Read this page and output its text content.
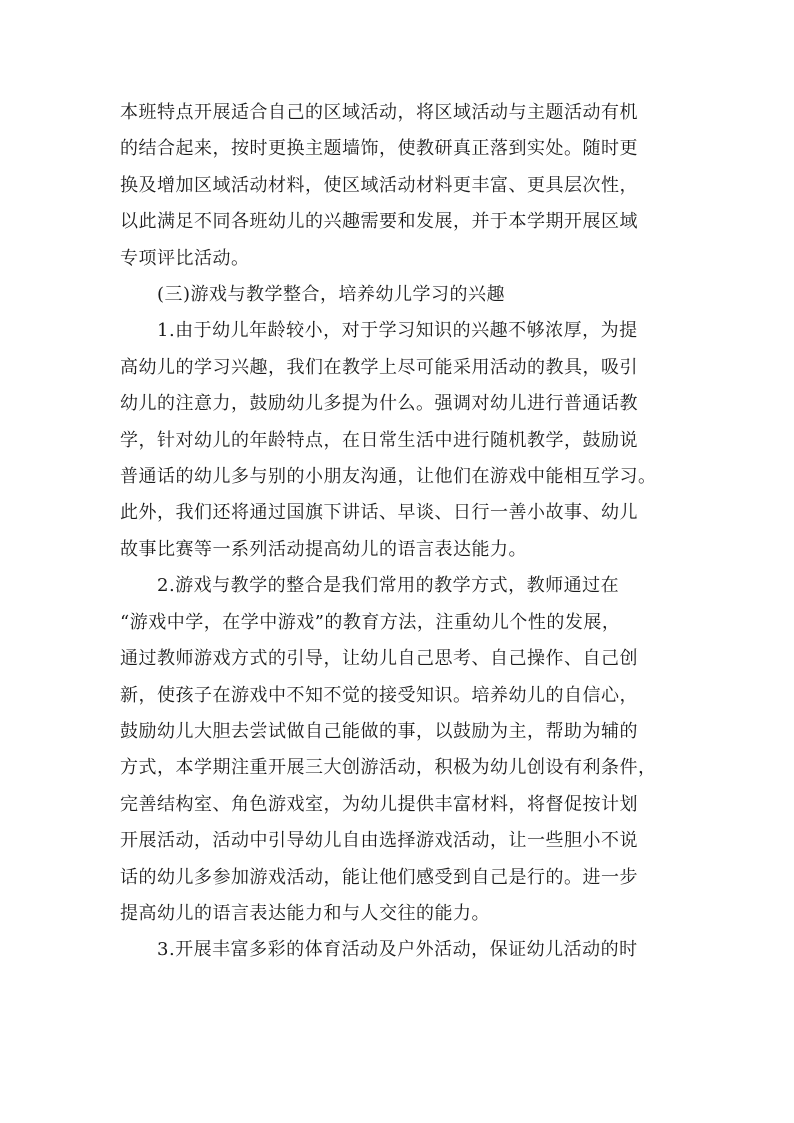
本班特点开展适合自己的区域活动，将区域活动与主题活动有机
的结合起来，按时更换主题墙饰，使教研真正落到实处。随时更
换及增加区域活动材料，使区域活动材料更丰富、更具层次性，
以此满足不同各班幼儿的兴趣需要和发展，并于本学期开展区域
专项评比活动。

(三)游戏与教学整合，培养幼儿学习的兴趣

1.由于幼儿年龄较小，对于学习知识的兴趣不够浓厚，为提
高幼儿的学习兴趣，我们在教学上尽可能采用活动的教具，吸引
幼儿的注意力，鼓励幼儿多提为什么。强调对幼儿进行普通话教
学，针对幼儿的年龄特点，在日常生活中进行随机教学，鼓励说
普通话的幼儿多与别的小朋友沟通，让他们在游戏中能相互学习。
此外，我们还将通过国旗下讲话、早谈、日行一善小故事、幼儿
故事比赛等一系列活动提高幼儿的语言表达能力。

2.游戏与教学的整合是我们常用的教学方式，教师通过在
“游戏中学，在学中游戏”的教育方法，注重幼儿个性的发展，
通过教师游戏方式的引导，让幼儿自己思考、自己操作、自己创
新，使孩子在游戏中不知不觉的接受知识。培养幼儿的自信心，
鼓励幼儿大胆去尝试做自己能做的事，以鼓励为主，帮助为辅的
方式，本学期注重开展三大创游活动，积极为幼儿创设有利条件，
完善结构室、角色游戏室，为幼儿提供丰富材料，将督促按计划
开展活动，活动中引导幼儿自由选择游戏活动，让一些胆小不说
话的幼儿多参加游戏活动，能让他们感受到自己是行的。进一步
提高幼儿的语言表达能力和与人交往的能力。

3.开展丰富多彩的体育活动及户外活动，保证幼儿活动的时
